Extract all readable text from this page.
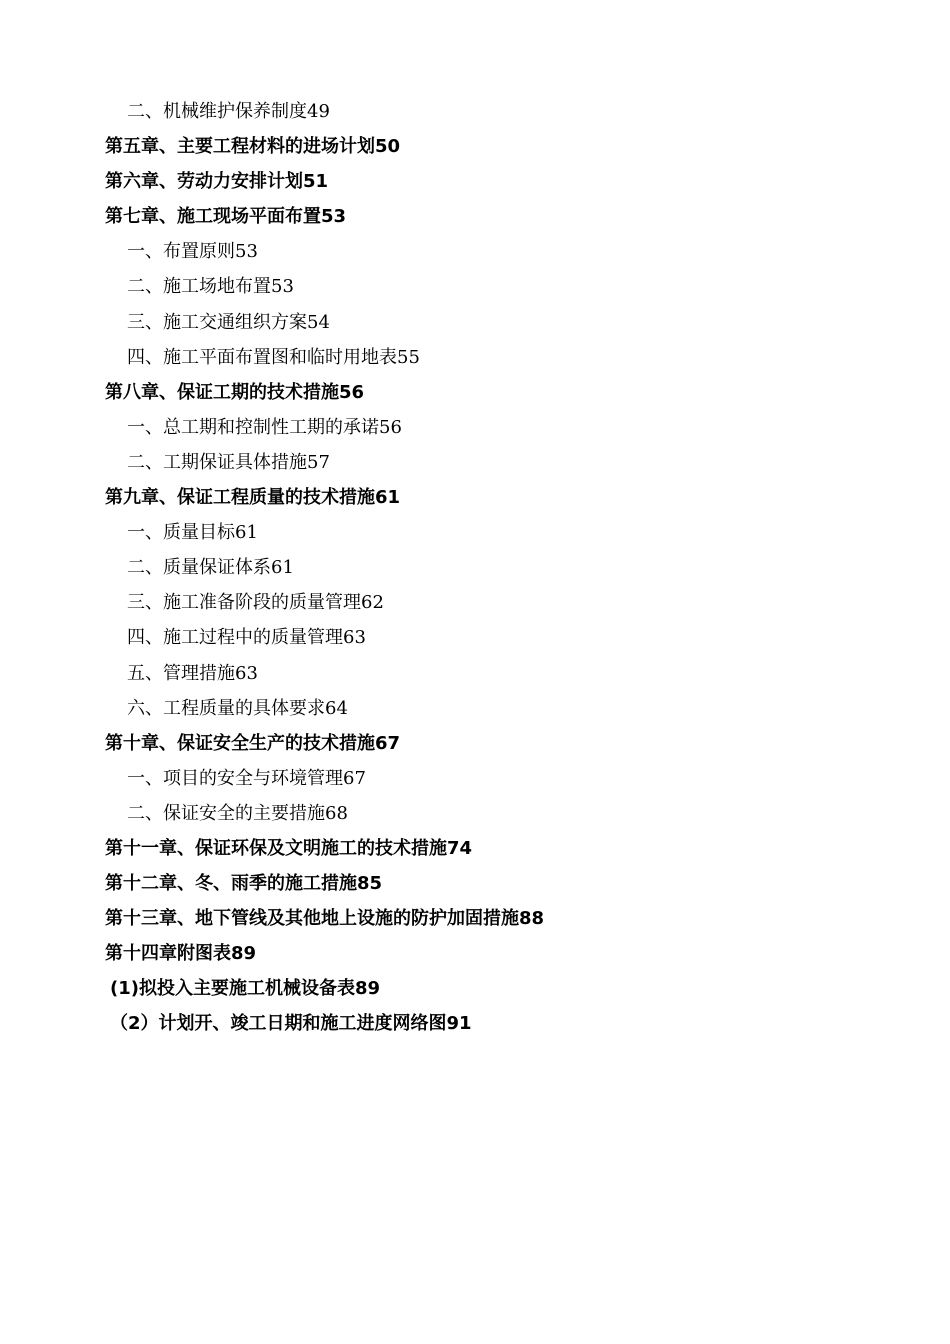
二、机械维护保养制度49
第五章、主要工程材料的进场计划50
第六章、劳动力安排计划51
第七章、施工现场平面布置53
一、布置原则53
二、施工场地布置53
三、施工交通组织方案54
四、施工平面布置图和临时用地表55
第八章、保证工期的技术措施56
一、总工期和控制性工期的承诺56
二、工期保证具体措施57
第九章、保证工程质量的技术措施61
一、质量目标61
二、质量保证体系61
三、施工准备阶段的质量管理62
四、施工过程中的质量管理63
五、管理措施63
六、工程质量的具体要求64
第十章、保证安全生产的技术措施67
一、项目的安全与环境管理67
二、保证安全的主要措施68
第十一章、保证环保及文明施工的技术措施74
第十二章、冬、雨季的施工措施85
第十三章、地下管线及其他地上设施的防护加固措施88
第十四章附图表89
(1)拟投入主要施工机械设备表89
（2）计划开、竣工日期和施工进度网络图91
